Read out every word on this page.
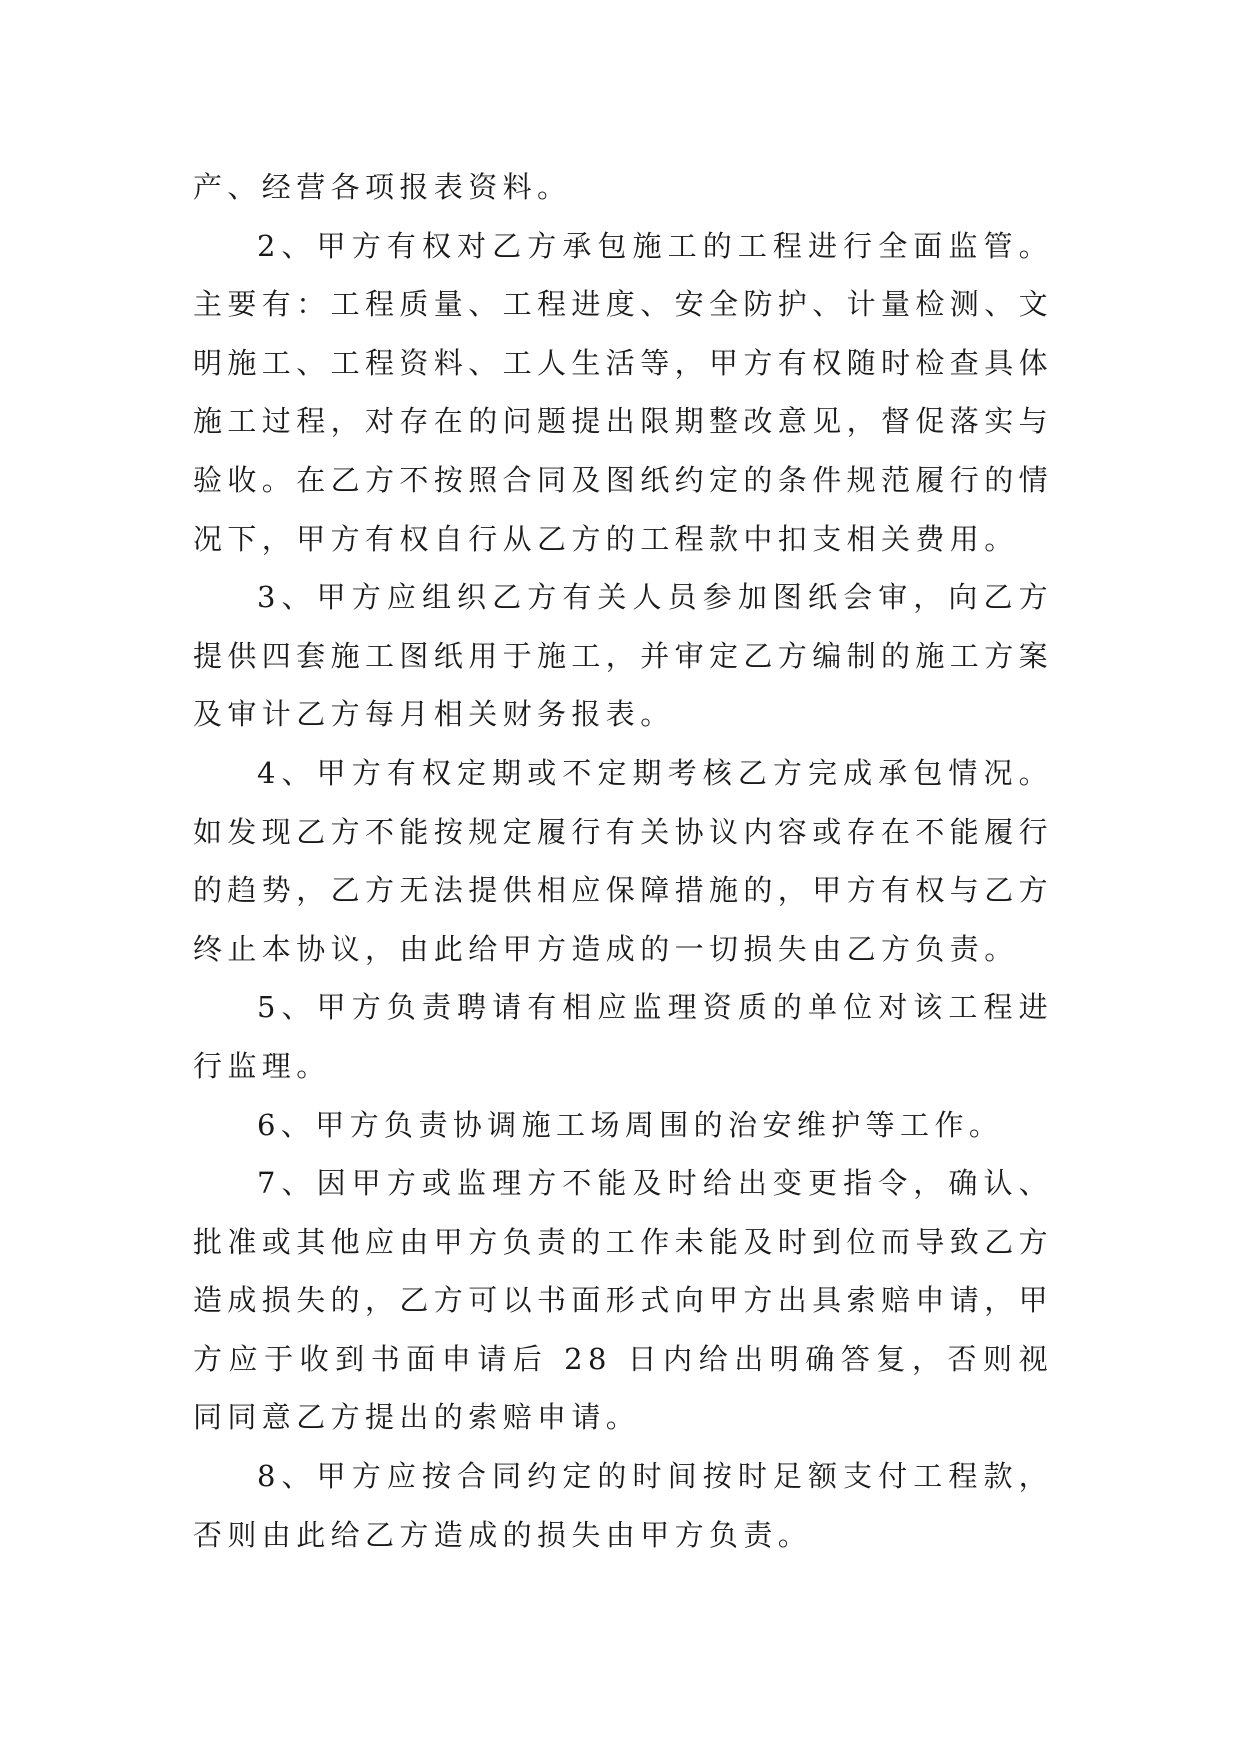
产、经营各项报表资料。

2、甲方有权对乙方承包施工的工程进行全面监管。主要有：工程质量、工程进度、安全防护、计量检测、文明施工、工程资料、工人生活等，甲方有权随时检查具体施工过程，对存在的问题提出限期整改意见，督促落实与验收。在乙方不按照合同及图纸约定的条件规范履行的情况下，甲方有权自行从乙方的工程款中扣支相关费用。

3、甲方应组织乙方有关人员参加图纸会审，向乙方提供四套施工图纸用于施工，并审定乙方编制的施工方案及审计乙方每月相关财务报表。

4、甲方有权定期或不定期考核乙方完成承包情况。如发现乙方不能按规定履行有关协议内容或存在不能履行的趋势，乙方无法提供相应保障措施的，甲方有权与乙方终止本协议，由此给甲方造成的一切损失由乙方负责。

5、甲方负责聘请有相应监理资质的单位对该工程进行监理。

6、甲方负责协调施工场周围的治安维护等工作。

7、因甲方或监理方不能及时给出变更指令，确认、批准或其他应由甲方负责的工作未能及时到位而导致乙方造成损失的，乙方可以书面形式向甲方出具索赔申请，甲方应于收到书面申请后 28 日内给出明确答复，否则视同同意乙方提出的索赔申请。

8、甲方应按合同约定的时间按时足额支付工程款，否则由此给乙方造成的损失由甲方负责。
